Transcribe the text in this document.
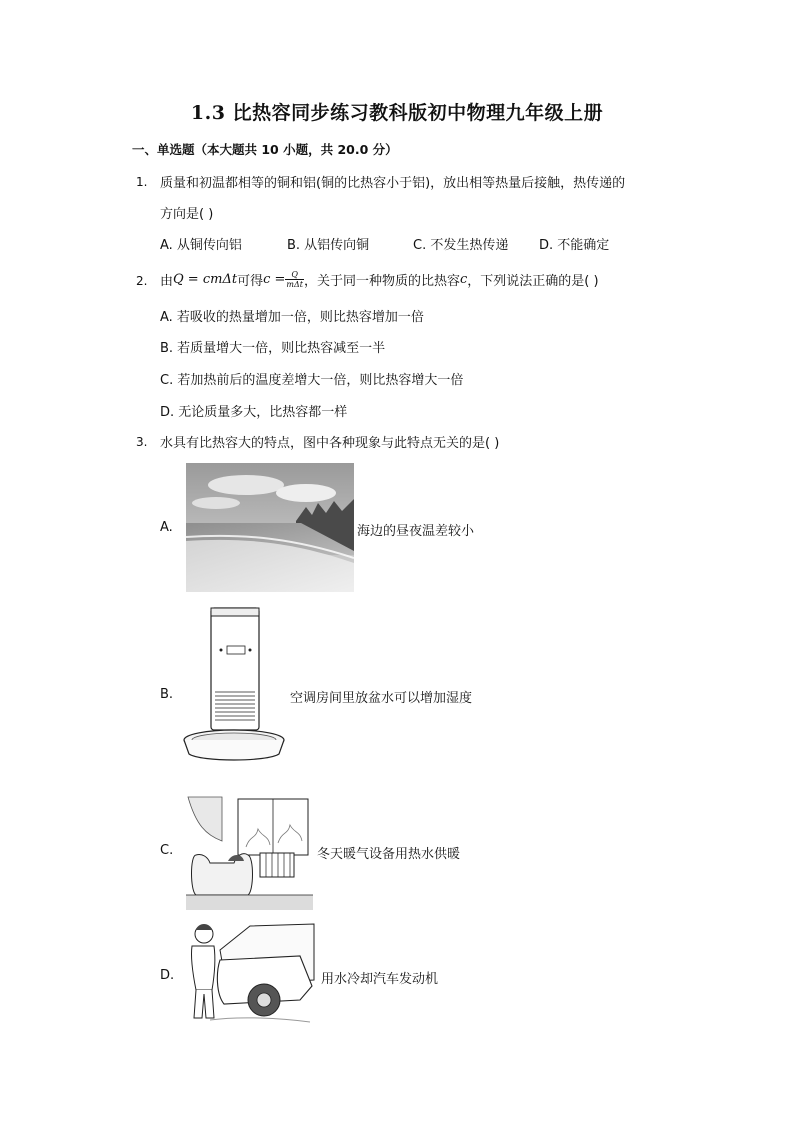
1.3 比热容同步练习教科版初中物理九年级上册
一、单选题（本大题共 10 小题，共 20.0 分）
1. 质量和初温都相等的铜和铝(铜的比热容小于铝)，放出相等热量后接触，热传递的
方向是( )
A. 从铜传向铝	B. 从铝传向铜	C. 不发生热传递 D. 不能确定
2. 由 Q = cmΔt 可得 $c = \frac{Q}{\text{mΔt}}$ ，关于同一种物质的比热容 c ，下列说法正确的是( )
A. 若吸收的热量增加一倍，则比热容增加一倍
B. 若质量增大一倍，则比热容减至一半
C. 若加热前后的温度差增大一倍，则比热容增大一倍
D. 无论质量多大，比热容都一样
3. 水具有比热容大的特点，图中各种现象与此特点无关的是( )
A.	海边的昼夜温差较小
B.	空调房间里放盆水可以增加湿度
C.	冬天暖气设备用热水供暖
D.	用水冷却汽车发动机
